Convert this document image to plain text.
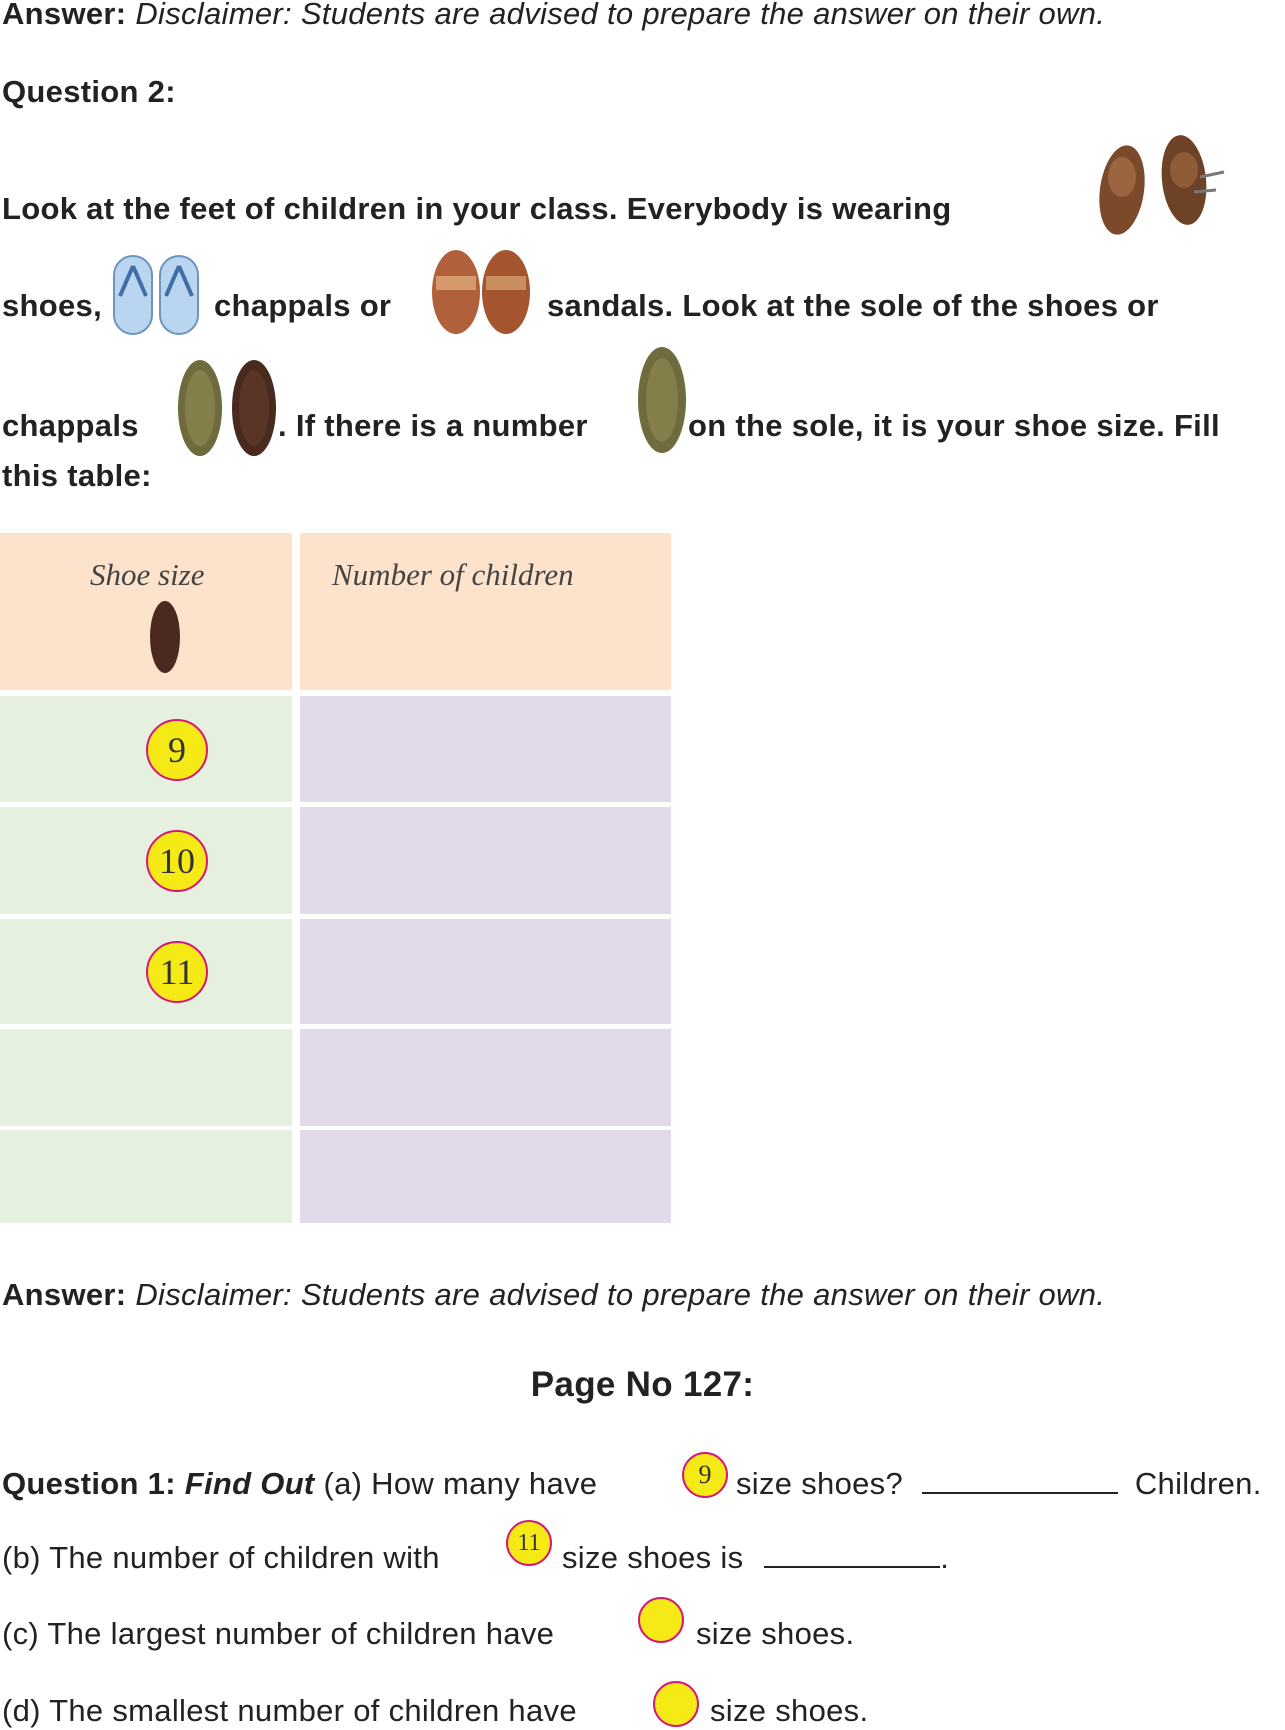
Answer: Disclaimer: Students are advised to prepare the answer on their own.
Question 2:
Look at the feet of children in your class. Everybody is wearing
shoes,	chappals or	sandals. Look at the sole of the shoes or
chappals	. If there is a number	on the sole, it is your shoe size. Fill
this table:
Shoe size	Number of children
9
10
11
Answer: Disclaimer: Students are advised to prepare the answer on their own.
Page No 127:
Question 1: Find Out (a) How many have	9 size shoes?	Children.
(b) The number of children with	11 size shoes is	.
(c) The largest number of children have	size shoes.
(d) The smallest number of children have	size shoes.
